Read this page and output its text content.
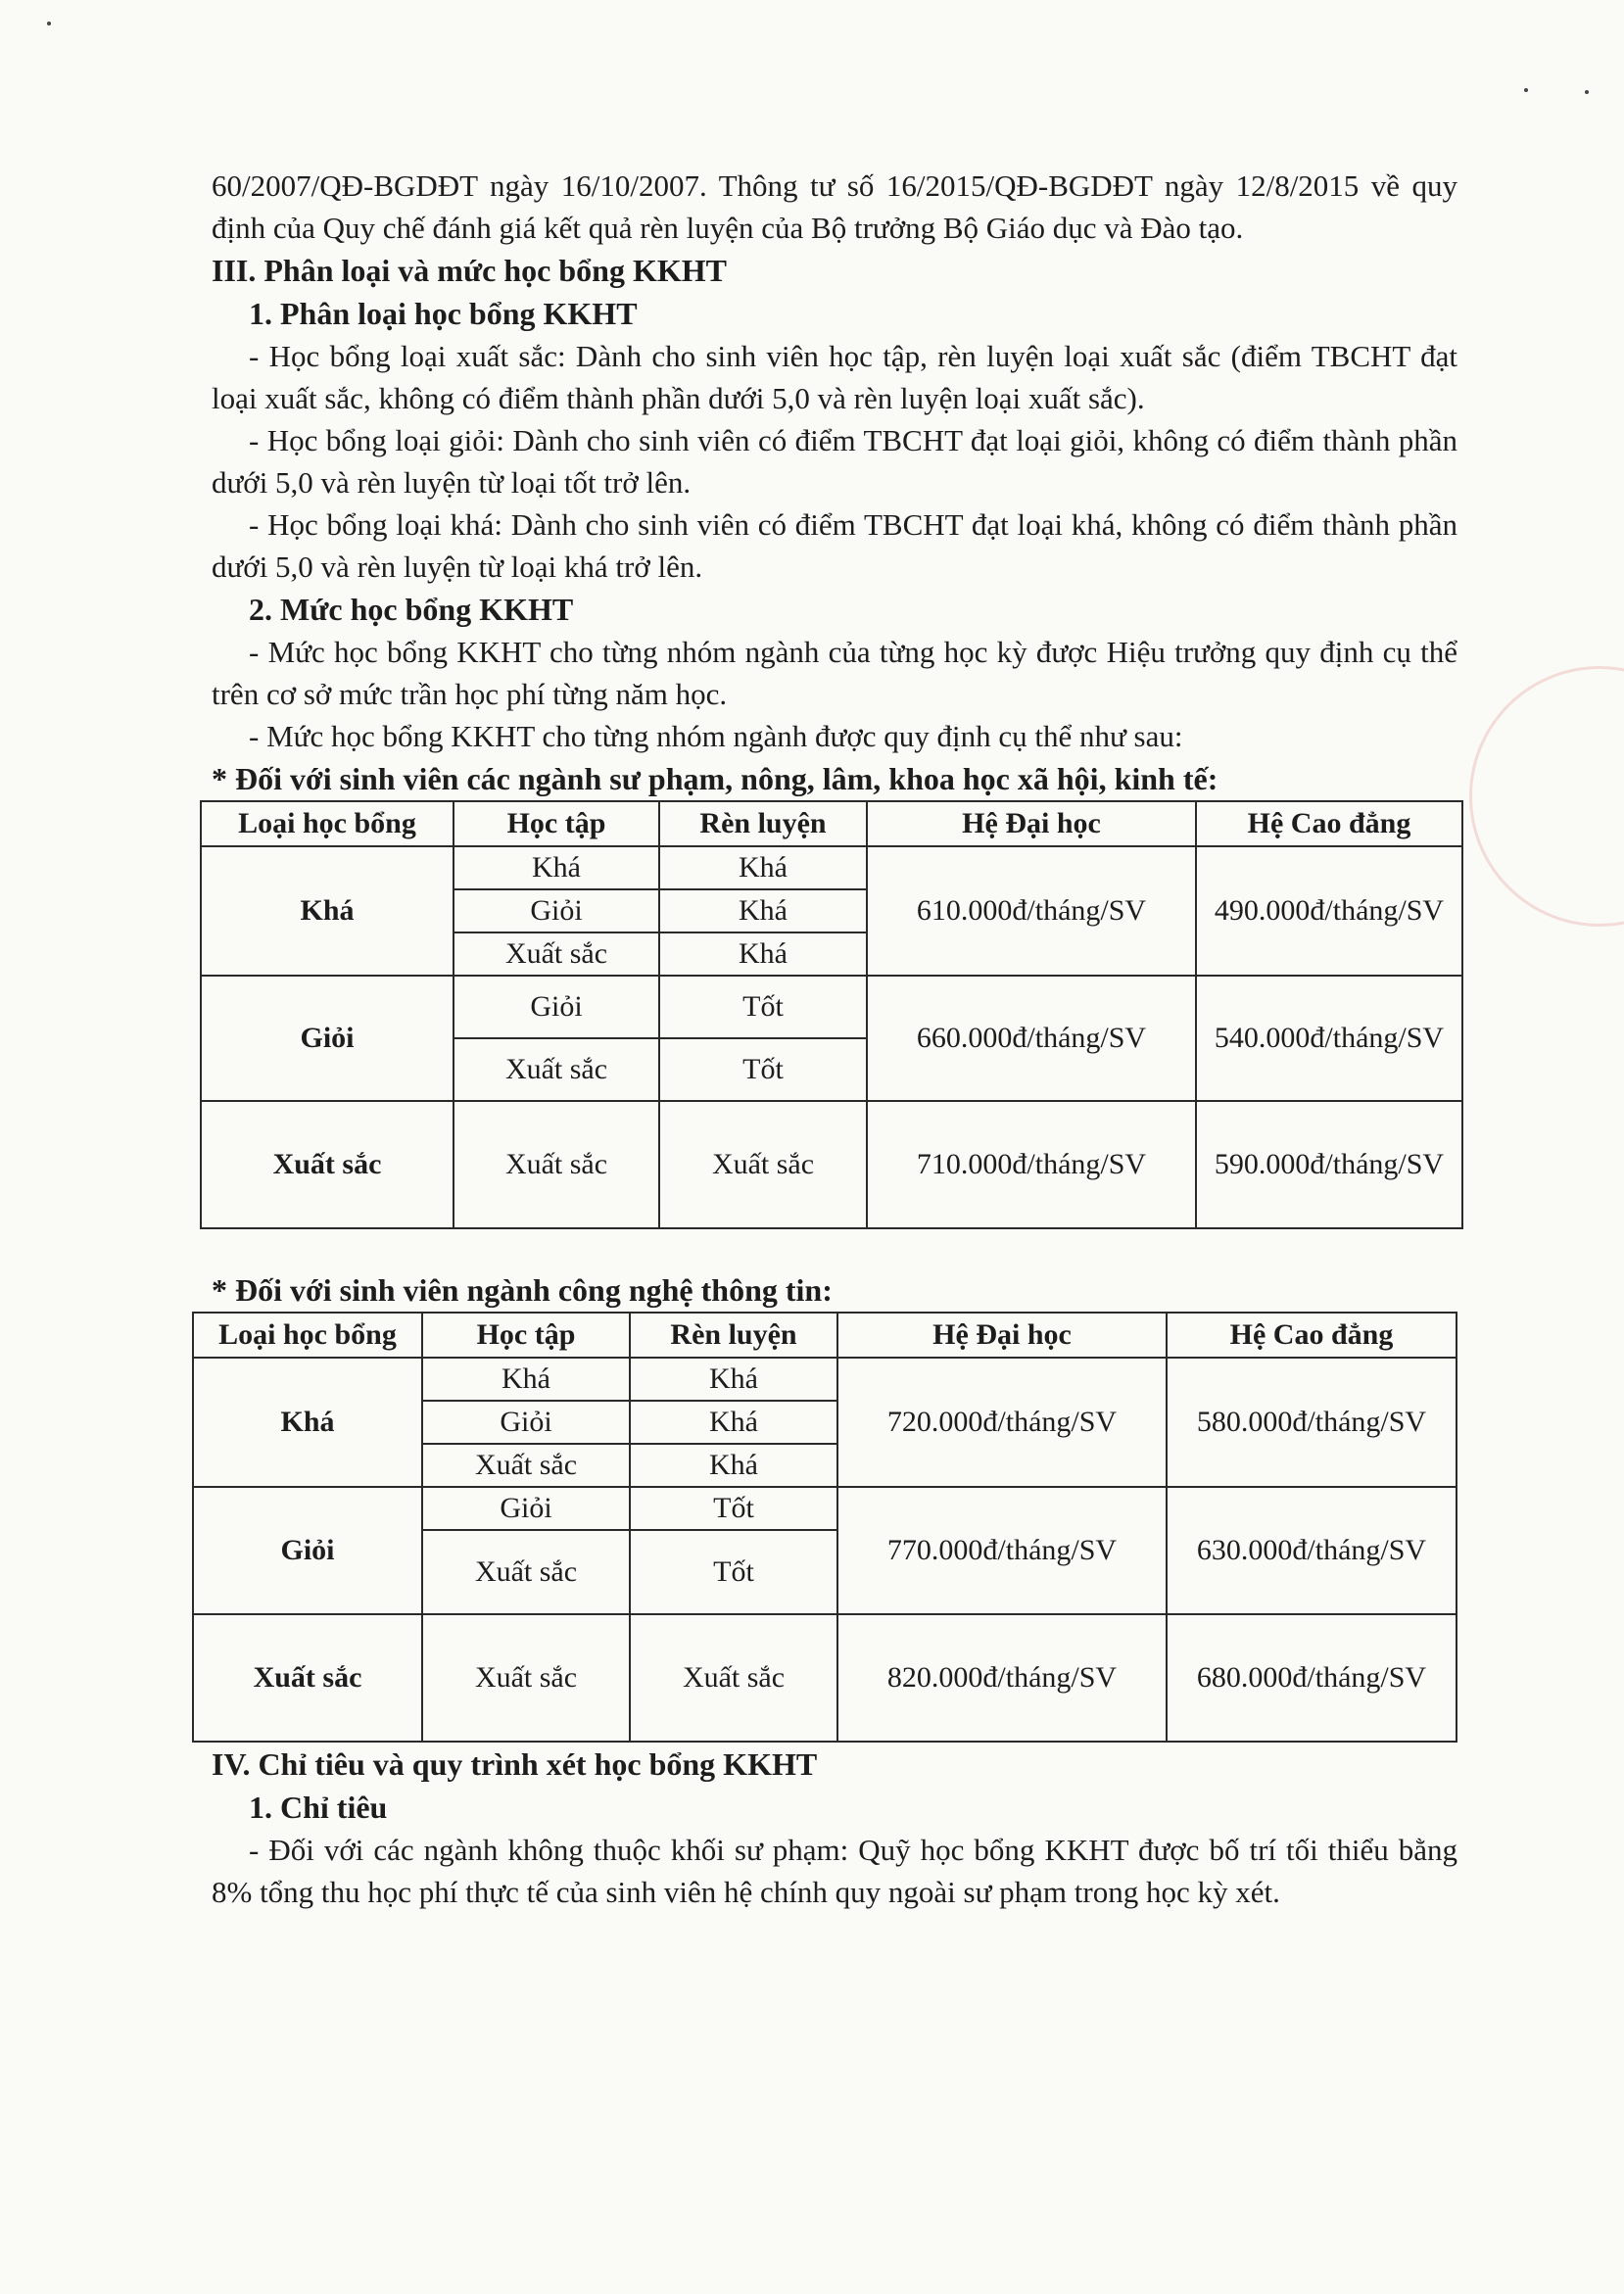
60/2007/QĐ-BGDĐT ngày 16/10/2007. Thông tư số 16/2015/QĐ-BGDĐT ngày 12/8/2015 về quy định của Quy chế đánh giá kết quả rèn luyện của Bộ trưởng Bộ Giáo dục và Đào tạo.

III. Phân loại và mức học bổng KKHT
1. Phân loại học bổng KKHT

- Học bổng loại xuất sắc: Dành cho sinh viên học tập, rèn luyện loại xuất sắc (điểm TBCHT đạt loại xuất sắc, không có điểm thành phần dưới 5,0 và rèn luyện loại xuất sắc).

- Học bổng loại giỏi: Dành cho sinh viên có điểm TBCHT đạt loại giỏi, không có điểm thành phần dưới 5,0 và rèn luyện từ loại tốt trở lên.

- Học bổng loại khá: Dành cho sinh viên có điểm TBCHT đạt loại khá, không có điểm thành phần dưới 5,0 và rèn luyện từ loại khá trở lên.

2. Mức học bổng KKHT

- Mức học bổng KKHT cho từng nhóm ngành của từng học kỳ được Hiệu trưởng quy định cụ thể trên cơ sở mức trần học phí từng năm học.

- Mức học bổng KKHT cho từng nhóm ngành được quy định cụ thể như sau:

* Đối với sinh viên các ngành sư phạm, nông, lâm, khoa học xã hội, kinh tế:
Loại học bổng	Học tập	Rèn luyện	Hệ Đại học	Hệ Cao đẳng
Khá	Khá	Khá	610.000đ/tháng/SV	490.000đ/tháng/SV
	Giỏi	Khá		
	Xuất sắc	Khá		
Giỏi	Giỏi	Tốt	660.000đ/tháng/SV	540.000đ/tháng/SV
	Xuất sắc	Tốt		
Xuất sắc	Xuất sắc	Xuất sắc	710.000đ/tháng/SV	590.000đ/tháng/SV
* Đối với sinh viên ngành công nghệ thông tin:
Loại học bổng	Học tập	Rèn luyện	Hệ Đại học	Hệ Cao đẳng
Khá	Khá	Khá	720.000đ/tháng/SV	580.000đ/tháng/SV
	Giỏi	Khá		
	Xuất sắc	Khá		
Giỏi	Giỏi	Tốt	770.000đ/tháng/SV	630.000đ/tháng/SV
	Xuất sắc	Tốt		
Xuất sắc	Xuất sắc	Xuất sắc	820.000đ/tháng/SV	680.000đ/tháng/SV
IV. Chỉ tiêu và quy trình xét học bổng KKHT
1. Chỉ tiêu

- Đối với các ngành không thuộc khối sư phạm: Quỹ học bổng KKHT được bố trí tối thiểu bằng 8% tổng thu học phí thực tế của sinh viên hệ chính quy ngoài sư phạm trong học kỳ xét.
